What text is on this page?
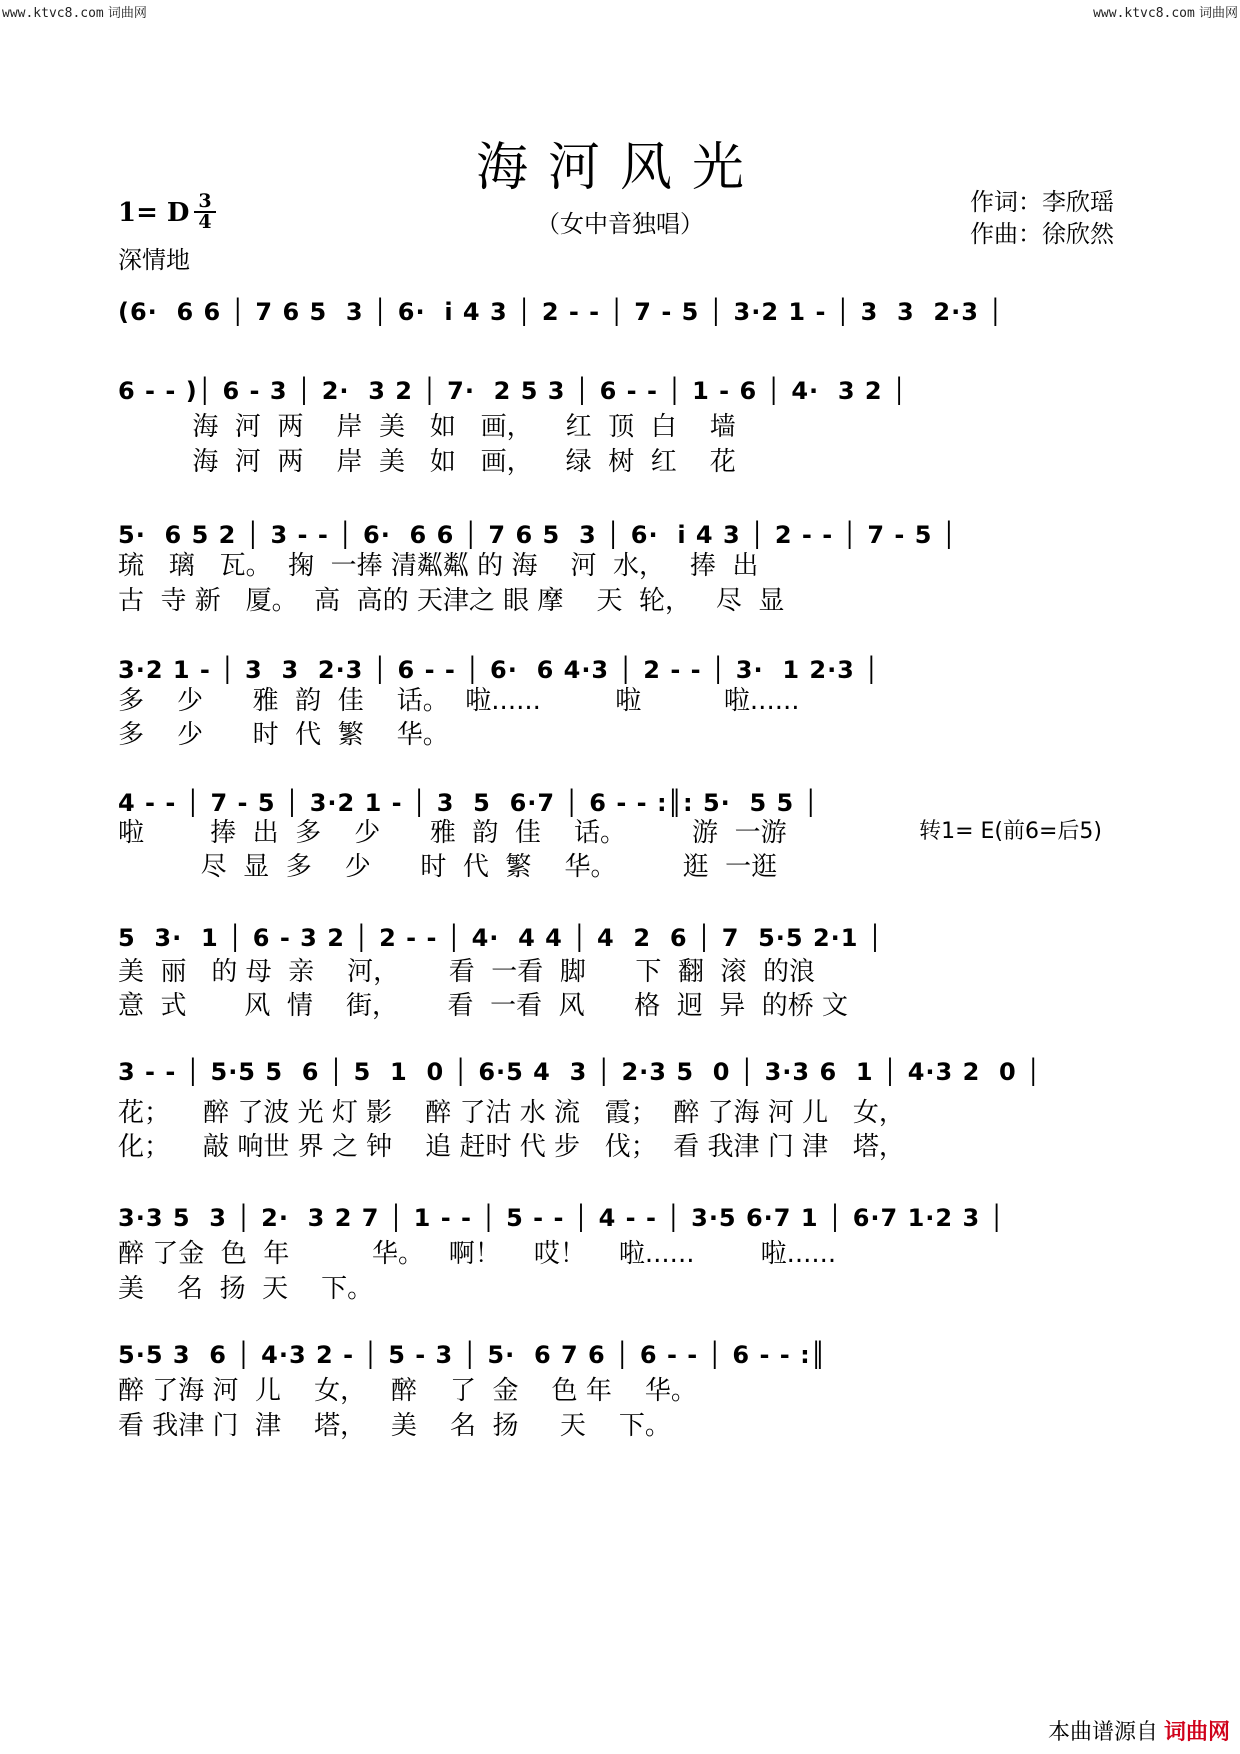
www.ktvc8.com 词曲网	www.ktvc8.com 词曲网
海河风光
（女中音独唱）
1= D 3
4
深情地
作词：李欣瑶
作曲：徐欣然
转1= E(前6=后5)
(6·  6 6 │ 7 6 5  3 │ 6·  i 4 3 │ 2 - - │ 7 - 5 │ 3·2 1 - │ 3  3  2·3 │
6 - - )│ 6 - 3 │ 2·  3 2 │ 7·  2 5 3 │ 6 - - │ 1 - 6 │ 4·  3 2 │
海  河  两    岸  美   如   画，    红  顶  白    墙
海  河  两    岸  美   如   画，    绿  树  红    花
5·  6 5 2 │ 3 - - │ 6·  6 6 │ 7 6 5  3 │ 6·  i 4 3 │ 2 - - │ 7 - 5 │
琉   璃   瓦。  掬  一捧 清粼粼 的 海    河  水，   捧  出
古  寺 新   厦。  高  高的 天津之 眼 摩    天  轮，   尽  显
3·2 1 - │ 3  3  2·3 │ 6 - - │ 6·  6 4·3 │ 2 - - │ 3·  1 2·3 │
多    少      雅  韵  佳    话。  啦......         啦          啦......
多    少      时  代  繁    华。
4 - - │ 7 - 5 │ 3·2 1 - │ 3  5  6·7 │ 6 - - :║: 5·  5 5 │
啦        捧  出  多    少      雅  韵  佳    话。        游  一游
尽  显  多    少      时  代  繁    华。        逛  一逛
5  3·  1 │ 6 - 3 2 │ 2 - - │ 4·  4 4 │ 4  2  6 │ 7  5·5 2·1 │
美  丽   的 母  亲    河，      看  一看  脚      下  翻  滚  的浪
意  式       风  情    街，      看  一看  风      格  迥  异  的桥 文
3 - - │ 5·5 5  6 │ 5  1  0 │ 6·5 4  3 │ 2·3 5  0 │ 3·3 6  1 │ 4·3 2  0 │
花；    醉 了波 光 灯 影    醉 了沽 水 流   霞；  醉 了海 河 儿   女，
化；    敲 响世 界 之 钟    追 赶时 代 步   伐；  看 我津 门 津   塔，
3·3 5  3 │ 2·  3 2 7 │ 1 - - │ 5 - - │ 4 - - │ 3·5 6·7 1 │ 6·7 1·2 3 │
醉 了金  色  年          华。   啊！    哎！    啦......        啦......
美    名  扬  天    下。
5·5 3  6 │ 4·3 2 - │ 5 - 3 │ 5·  6 7 6 │ 6 - - │ 6 - - :║
醉 了海 河  儿    女，   醉    了  金    色 年    华。
看 我津 门  津    塔，   美    名  扬     天    下。
本曲谱源自 词曲网
